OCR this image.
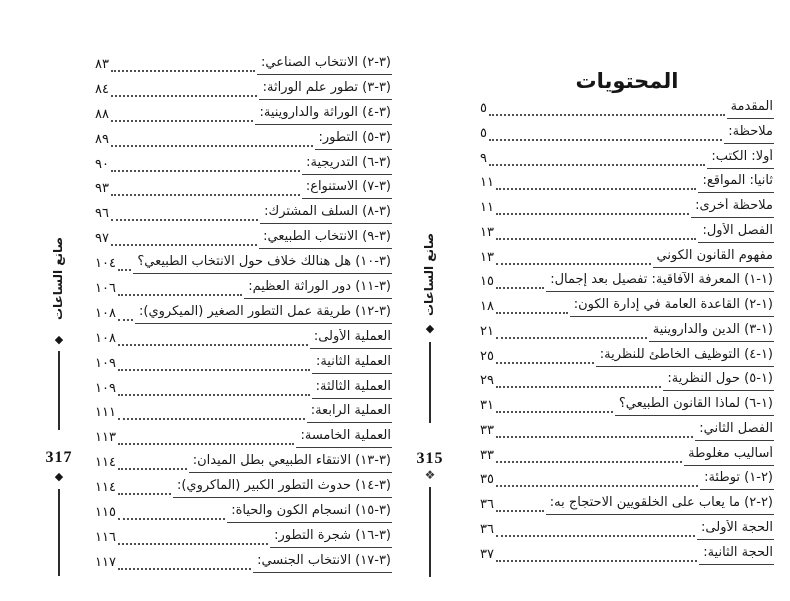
(٣-٢) الانتخاب الصناعي:
٨٣
(٣-٣) تطور علم الوراثة:
٨٤
(٣-٤) الوراثة والداروينية:
٨٨
(٣-٥) التطور:
٨٩
(٣-٦) التدريجية:
٩٠
(٣-٧) الاستنواع:
٩٣
(٣-٨) السلف المشترك:
٩٦
(٣-٩) الانتخاب الطبيعي:
٩٧
(٣-١٠) هل هنالك خلاف حول الانتخاب الطبيعي؟
١٠٤
(٣-١١) دور الوراثة العظيم:
١٠٦
(٣-١٢) طريقة عمل التطور الصغير (الميكروي):
١٠٨
العملية الأولى:
١٠٨
العملية الثانية:
١٠٩
العملية الثالثة:
١٠٩
العملية الرابعة:
١١١
العملية الخامسة:
١١٣
(٣-١٣) الانتقاء الطبيعي بطل الميدان:
١١٤
(٣-١٤) حدوث التطور الكبير (الماكروي):
١١٤
(٣-١٥) انسجام الكون والحياة:
١١٥
(٣-١٦) شجرة التطور:
١١٦
(٣-١٧) الانتخاب الجنسي:
١١٧
المحتويات
المقدمة
٥
ملاحظة:
٥
أولا: الكتب:
٩
ثانيا: المواقع:
١١
ملاحظة أخرى:
١١
الفصل الأول:
١٣
مفهوم القانون الكوني
١٣
(١-١) المعرفة الآفاقية: تفصيل بعد إجمال:
١٥
(١-٢) القاعدة العامة في إدارة الكون:
١٨
(١-٣) الدين والداروينية
٢١
(١-٤) التوظيف الخاطئ للنظرية:
٢٥
(١-٥) حول النظرية:
٢٩
(١-٦) لماذا القانون الطبيعي؟
٣١
الفصل الثاني:
٣٣
أساليب مغلوطة
٣٣
(٢-١) توطئة:
٣٥
(٢-٢) ما يعاب على الخلقويين الاحتجاج به:
٣٦
الحجة الأولى:
٣٦
الحجة الثانية:
٣٧
صانع الساعات
◆
317
◆
صانع الساعات
◆
315
❖
